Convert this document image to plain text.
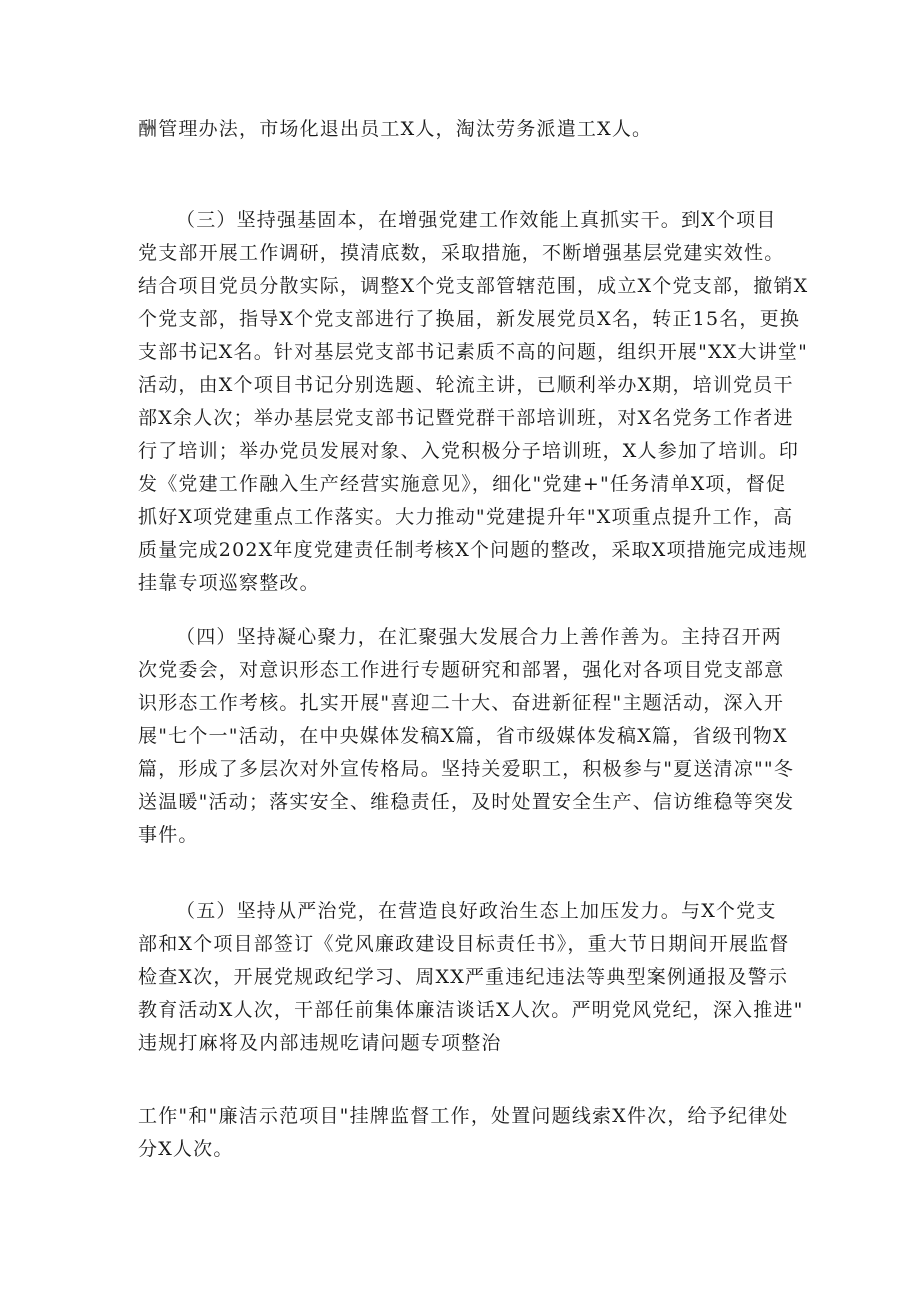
酬管理办法，市场化退出员工X人，淘汰劳务派遣工X人。
（三）坚持强基固本，在增强党建工作效能上真抓实干。到X个项目
党支部开展工作调研，摸清底数，采取措施，不断增强基层党建实效性。
结合项目党员分散实际，调整X个党支部管辖范围，成立X个党支部，撤销X
个党支部，指导X个党支部进行了换届，新发展党员X名，转正15名，更换
支部书记X名。针对基层党支部书记素质不高的问题，组织开展"XX大讲堂"
活动，由X个项目书记分别选题、轮流主讲，已顺利举办X期，培训党员干
部X余人次；举办基层党支部书记暨党群干部培训班，对X名党务工作者进
行了培训；举办党员发展对象、入党积极分子培训班，X人参加了培训。印
发《党建工作融入生产经营实施意见》，细化"党建+"任务清单X项，督促
抓好X项党建重点工作落实。大力推动"党建提升年"X项重点提升工作，高
质量完成202X年度党建责任制考核X个问题的整改，采取X项措施完成违规
挂靠专项巡察整改。
（四）坚持凝心聚力，在汇聚强大发展合力上善作善为。主持召开两
次党委会，对意识形态工作进行专题研究和部署，强化对各项目党支部意
识形态工作考核。扎实开展"喜迎二十大、奋进新征程"主题活动，深入开
展"七个一"活动，在中央媒体发稿X篇，省市级媒体发稿X篇，省级刊物X
篇，形成了多层次对外宣传格局。坚持关爱职工，积极参与"夏送清凉""冬
送温暖"活动；落实安全、维稳责任，及时处置安全生产、信访维稳等突发
事件。
（五）坚持从严治党，在营造良好政治生态上加压发力。与X个党支
部和X个项目部签订《党风廉政建设目标责任书》，重大节日期间开展监督
检查X次，开展党规政纪学习、周XX严重违纪违法等典型案例通报及警示
教育活动X人次，干部任前集体廉洁谈话X人次。严明党风党纪，深入推进"
违规打麻将及内部违规吃请问题专项整治
工作"和"廉洁示范项目"挂牌监督工作，处置问题线索X件次，给予纪律处
分X人次。
